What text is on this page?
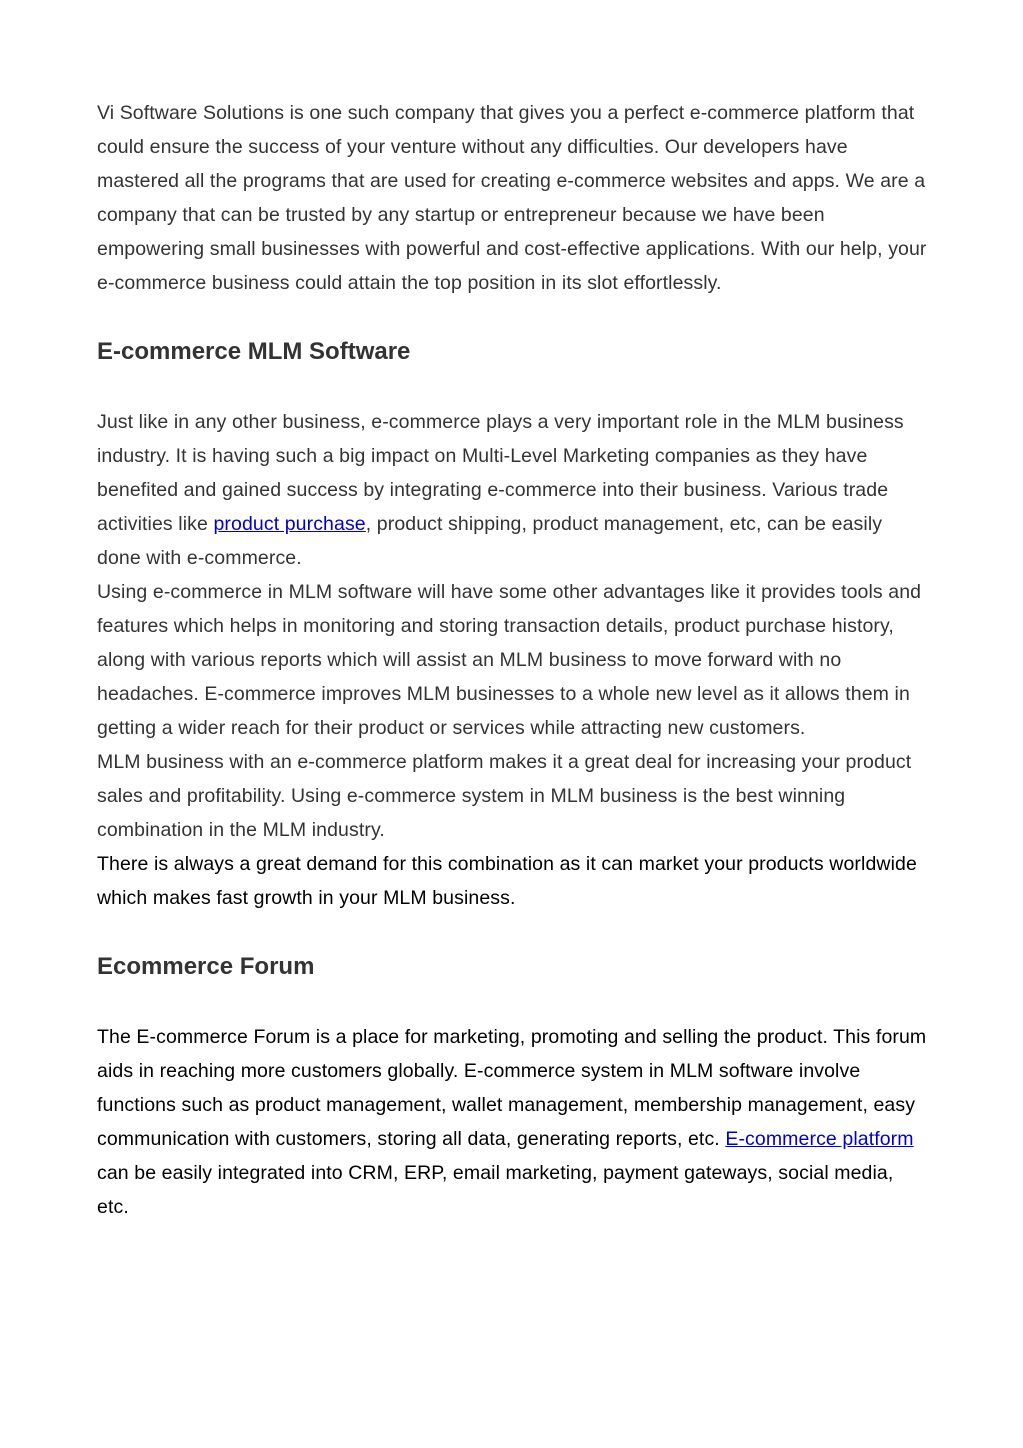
Vi Software Solutions is one such company that gives you a perfect e-commerce platform that could ensure the success of your venture without any difficulties. Our developers have mastered all the programs that are used for creating e-commerce websites and apps. We are a company that can be trusted by any startup or entrepreneur because we have been empowering small businesses with powerful and cost-effective applications. With our help, your e-commerce business could attain the top position in its slot effortlessly.

E-commerce MLM Software

Just like in any other business, e-commerce plays a very important role in the MLM business industry. It is having such a big impact on Multi-Level Marketing companies as they have benefited and gained success by integrating e-commerce into their business. Various trade activities like product purchase, product shipping, product management, etc, can be easily done with e-commerce.

Using e-commerce in MLM software will have some other advantages like it provides tools and features which helps in monitoring and storing transaction details, product purchase history, along with various reports which will assist an MLM business to move forward with no headaches. E-commerce improves MLM businesses to a whole new level as it allows them in getting a wider reach for their product or services while attracting new customers.

MLM business with an e-commerce platform makes it a great deal for increasing your product sales and profitability. Using e-commerce system in MLM business is the best winning combination in the MLM industry.

There is always a great demand for this combination as it can market your products worldwide which makes fast growth in your MLM business.

Ecommerce Forum

The E-commerce Forum is a place for marketing, promoting and selling the product. This forum aids in reaching more customers globally. E-commerce system in MLM software involve functions such as product management, wallet management, membership management, easy communication with customers, storing all data, generating reports, etc. E-commerce platform can be easily integrated into CRM, ERP, email marketing, payment gateways, social media, etc.
